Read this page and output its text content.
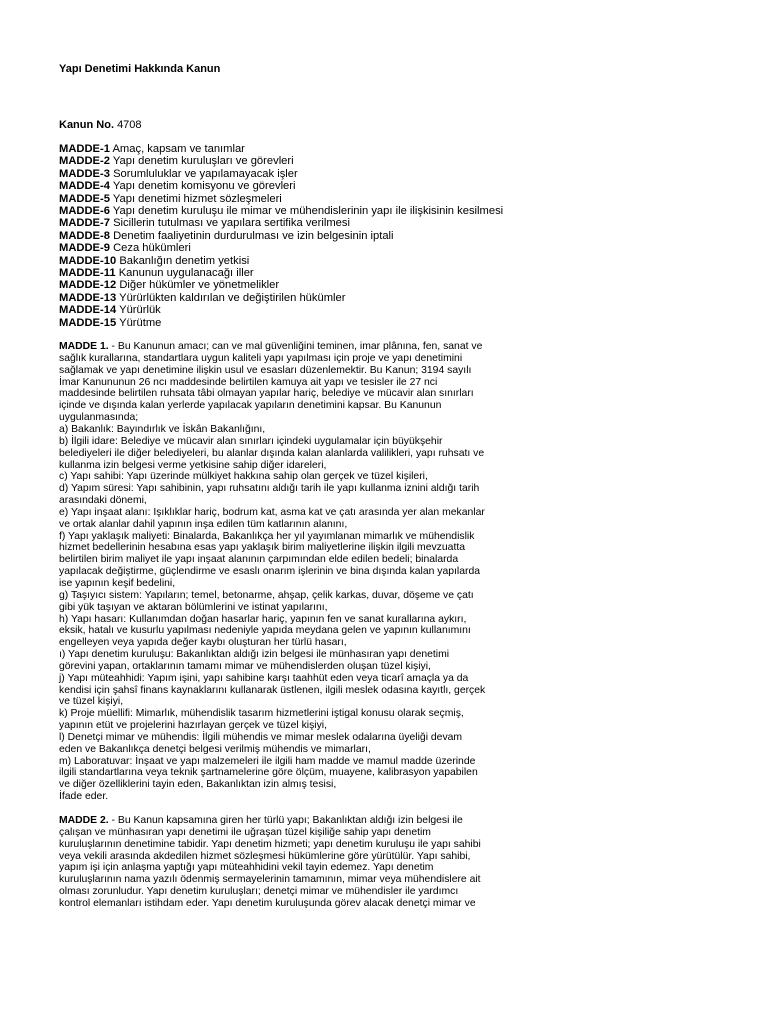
Yapı Denetimi Hakkında Kanun

Kanun No. 4708
MADDE-1 Amaç, kapsam ve tanımlar
MADDE-2 Yapı denetim kuruluşları ve görevleri
MADDE-3 Sorumluluklar ve yapılamayacak işler
MADDE-4 Yapı denetim komisyonu ve görevleri
MADDE-5 Yapı denetimi hizmet sözleşmeleri
MADDE-6 Yapı denetim kuruluşu ile mimar ve mühendislerinin yapı ile ilişkisinin kesilmesi
MADDE-7 Sicillerin tutulması ve yapılara sertifika verilmesi
MADDE-8 Denetim faaliyetinin durdurulması ve izin belgesinin iptali
MADDE-9 Ceza hükümleri
MADDE-10 Bakanlığın denetim yetkisi
MADDE-11 Kanunun uygulanacağı iller
MADDE-12 Diğer hükümler ve yönetmelikler
MADDE-13 Yürürlükten kaldırılan ve değiştirilen hükümler
MADDE-14 Yürürlük
MADDE-15 Yürütme
MADDE 1. - Bu Kanunun amacı; can ve mal güvenliğini teminen, imar plânına, fen, sanat ve
sağlık kurallarına, standartlara uygun kaliteli yapı yapılması için proje ve yapı denetimini
sağlamak ve yapı denetimine ilişkin usul ve esasları düzenlemektir. Bu Kanun; 3194 sayılı
İmar Kanununun 26 ncı maddesinde belirtilen kamuya ait yapı ve tesisler ile 27 nci
maddesinde belirtilen ruhsata tâbi olmayan yapılar hariç, belediye ve mücavir alan sınırları
içinde ve dışında kalan yerlerde yapılacak yapıların denetimini kapsar. Bu Kanunun
uygulanmasında;
a) Bakanlık: Bayındırlık ve İskân Bakanlığını,
b) İlgili idare: Belediye ve mücavir alan sınırları içindeki uygulamalar için büyükşehir
belediyeleri ile diğer belediyeleri, bu alanlar dışında kalan alanlarda valilikleri, yapı ruhsatı ve
kullanma izin belgesi verme yetkisine sahip diğer idareleri,
c) Yapı sahibi: Yapı üzerinde mülkiyet hakkına sahip olan gerçek ve tüzel kişileri,
d) Yapım süresi: Yapı sahibinin, yapı ruhsatını aldığı tarih ile yapı kullanma iznini aldığı tarih
arasındaki dönemi,
e) Yapı inşaat alanı: Işıklıklar hariç, bodrum kat, asma kat ve çatı arasında yer alan mekanlar
ve ortak alanlar dahil yapının inşa edilen tüm katlarının alanını,
f) Yapı yaklaşık maliyeti: Binalarda, Bakanlıkça her yıl yayımlanan mimarlık ve mühendislik
hizmet bedellerinin hesabına esas yapı yaklaşık birim maliyetlerine ilişkin ilgili mevzuatta
belirtilen birim maliyet ile yapı inşaat alanının çarpımından elde edilen bedeli; binalarda
yapılacak değiştirme, güçlendirme ve esaslı onarım işlerinin ve bina dışında kalan yapılarda
ise yapının keşif bedelini,
g) Taşıyıcı sistem: Yapıların; temel, betonarme, ahşap, çelik karkas, duvar, döşeme ve çatı
gibi yük taşıyan ve aktaran bölümlerini ve istinat yapılarını,
h) Yapı hasarı: Kullanımdan doğan hasarlar hariç, yapının fen ve sanat kurallarına aykırı,
eksik, hatalı ve kusurlu yapılması nedeniyle yapıda meydana gelen ve yapının kullanımını
engelleyen veya yapıda değer kaybı oluşturan her türlü hasarı,
ı) Yapı denetim kuruluşu: Bakanlıktan aldığı izin belgesi ile münhasıran yapı denetimi
görevini yapan, ortaklarının tamamı mimar ve mühendislerden oluşan tüzel kişiyi,
j) Yapı müteahhidi: Yapım işini, yapı sahibine karşı taahhüt eden veya ticarî amaçla ya da
kendisi için şahsî finans kaynaklarını kullanarak üstlenen, ilgili meslek odasına kayıtlı, gerçek
ve tüzel kişiyi,
k) Proje müellifi: Mimarlık, mühendislik tasarım hizmetlerini iştigal konusu olarak seçmiş,
yapının etüt ve projelerini hazırlayan gerçek ve tüzel kişiyi,
l) Denetçi mimar ve mühendis: İlgili mühendis ve mimar meslek odalarına üyeliği devam
eden ve Bakanlıkça denetçi belgesi verilmiş mühendis ve mimarları,
m) Laboratuvar: İnşaat ve yapı malzemeleri ile ilgili ham madde ve mamul madde üzerinde
ilgili standartlarına veya teknik şartnamelerine göre ölçüm, muayene, kalibrasyon yapabilen
ve diğer özelliklerini tayin eden, Bakanlıktan izin almış tesisi,
İfade eder.
MADDE 2. - Bu Kanun kapsamına giren her türlü yapı; Bakanlıktan aldığı izin belgesi ile
çalışan ve münhasıran yapı denetimi ile uğraşan tüzel kişiliğe sahip yapı denetim
kuruluşlarının denetimine tabidir. Yapı denetim hizmeti; yapı denetim kuruluşu ile yapı sahibi
veya vekili arasında akdedilen hizmet sözleşmesi hükümlerine göre yürütülür. Yapı sahibi,
yapım işi için anlaşma yaptığı yapı müteahhidini vekil tayin edemez. Yapı denetim
kuruluşlarının nama yazılı ödenmiş sermayelerinin tamamının, mimar veya mühendislere ait
olması zorunludur. Yapı denetim kuruluşları; denetçi mimar ve mühendisler ile yardımcı
kontrol elemanları istihdam eder. Yapı denetim kuruluşunda görev alacak denetçi mimar ve
